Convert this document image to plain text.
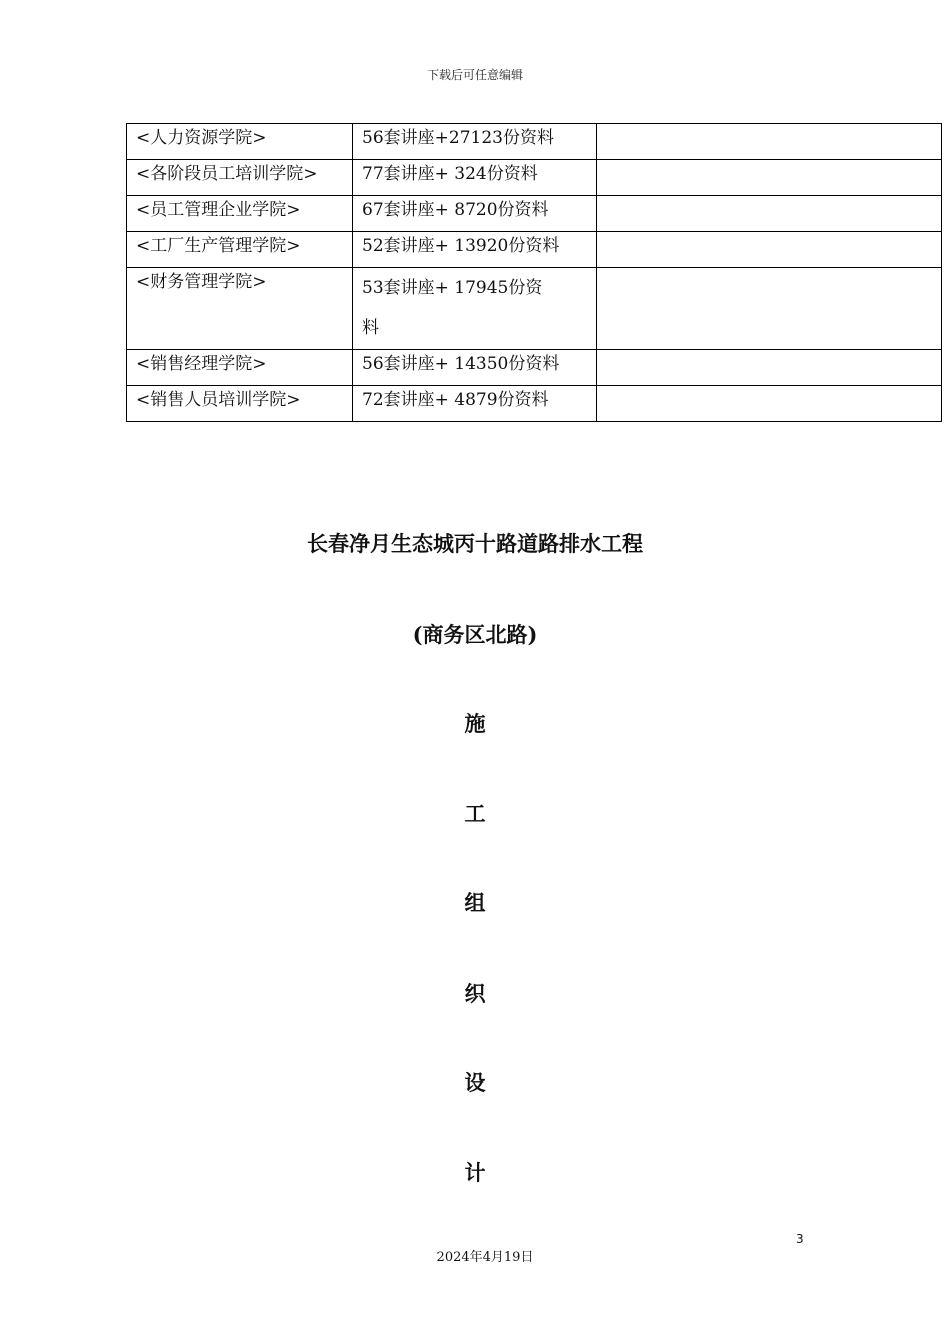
下载后可任意编辑
<人力资源学院>	56套讲座+27123份资料	
<各阶段员工培训学院>	77套讲座+ 324份资料	
<员工管理企业学院>	67套讲座+ 8720份资料	
<工厂生产管理学院>	52套讲座+ 13920份资料	
<财务管理学院>	53套讲座+ 17945份资
料	
<销售经理学院>	56套讲座+ 14350份资料	
<销售人员培训学院>	72套讲座+ 4879份资料	
长春净月生态城丙十路道路排水工程
(商务区北路)
施
工
组
织
设
计
3
2024年4月19日
